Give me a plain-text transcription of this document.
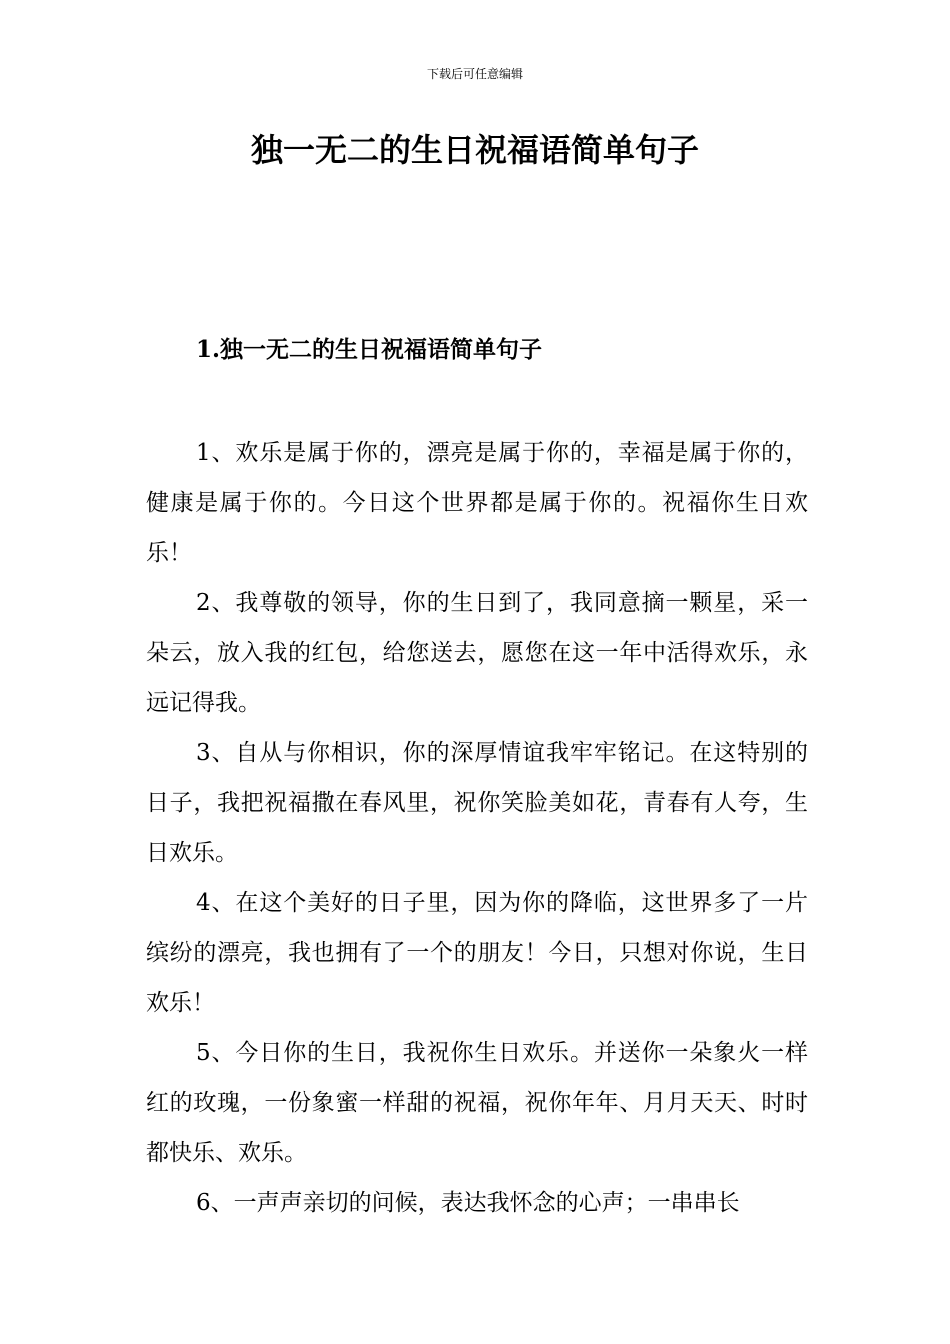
下载后可任意编辑
独一无二的生日祝福语简单句子
1.独一无二的生日祝福语简单句子

1、欢乐是属于你的，漂亮是属于你的，幸福是属于你的，健康是属于你的。今日这个世界都是属于你的。祝福你生日欢乐！

2、我尊敬的领导，你的生日到了，我同意摘一颗星，采一朵云，放入我的红包，给您送去，愿您在这一年中活得欢乐，永远记得我。

3、自从与你相识，你的深厚情谊我牢牢铭记。在这特别的日子，我把祝福撒在春风里，祝你笑脸美如花，青春有人夸，生日欢乐。

4、在这个美好的日子里，因为你的降临，这世界多了一片缤纷的漂亮，我也拥有了一个的朋友！今日，只想对你说，生日欢乐！

5、今日你的生日，我祝你生日欢乐。并送你一朵象火一样红的玫瑰，一份象蜜一样甜的祝福，祝你年年、月月天天、时时都快乐、欢乐。

6、一声声亲切的问候，表达我怀念的心声；一串串长
